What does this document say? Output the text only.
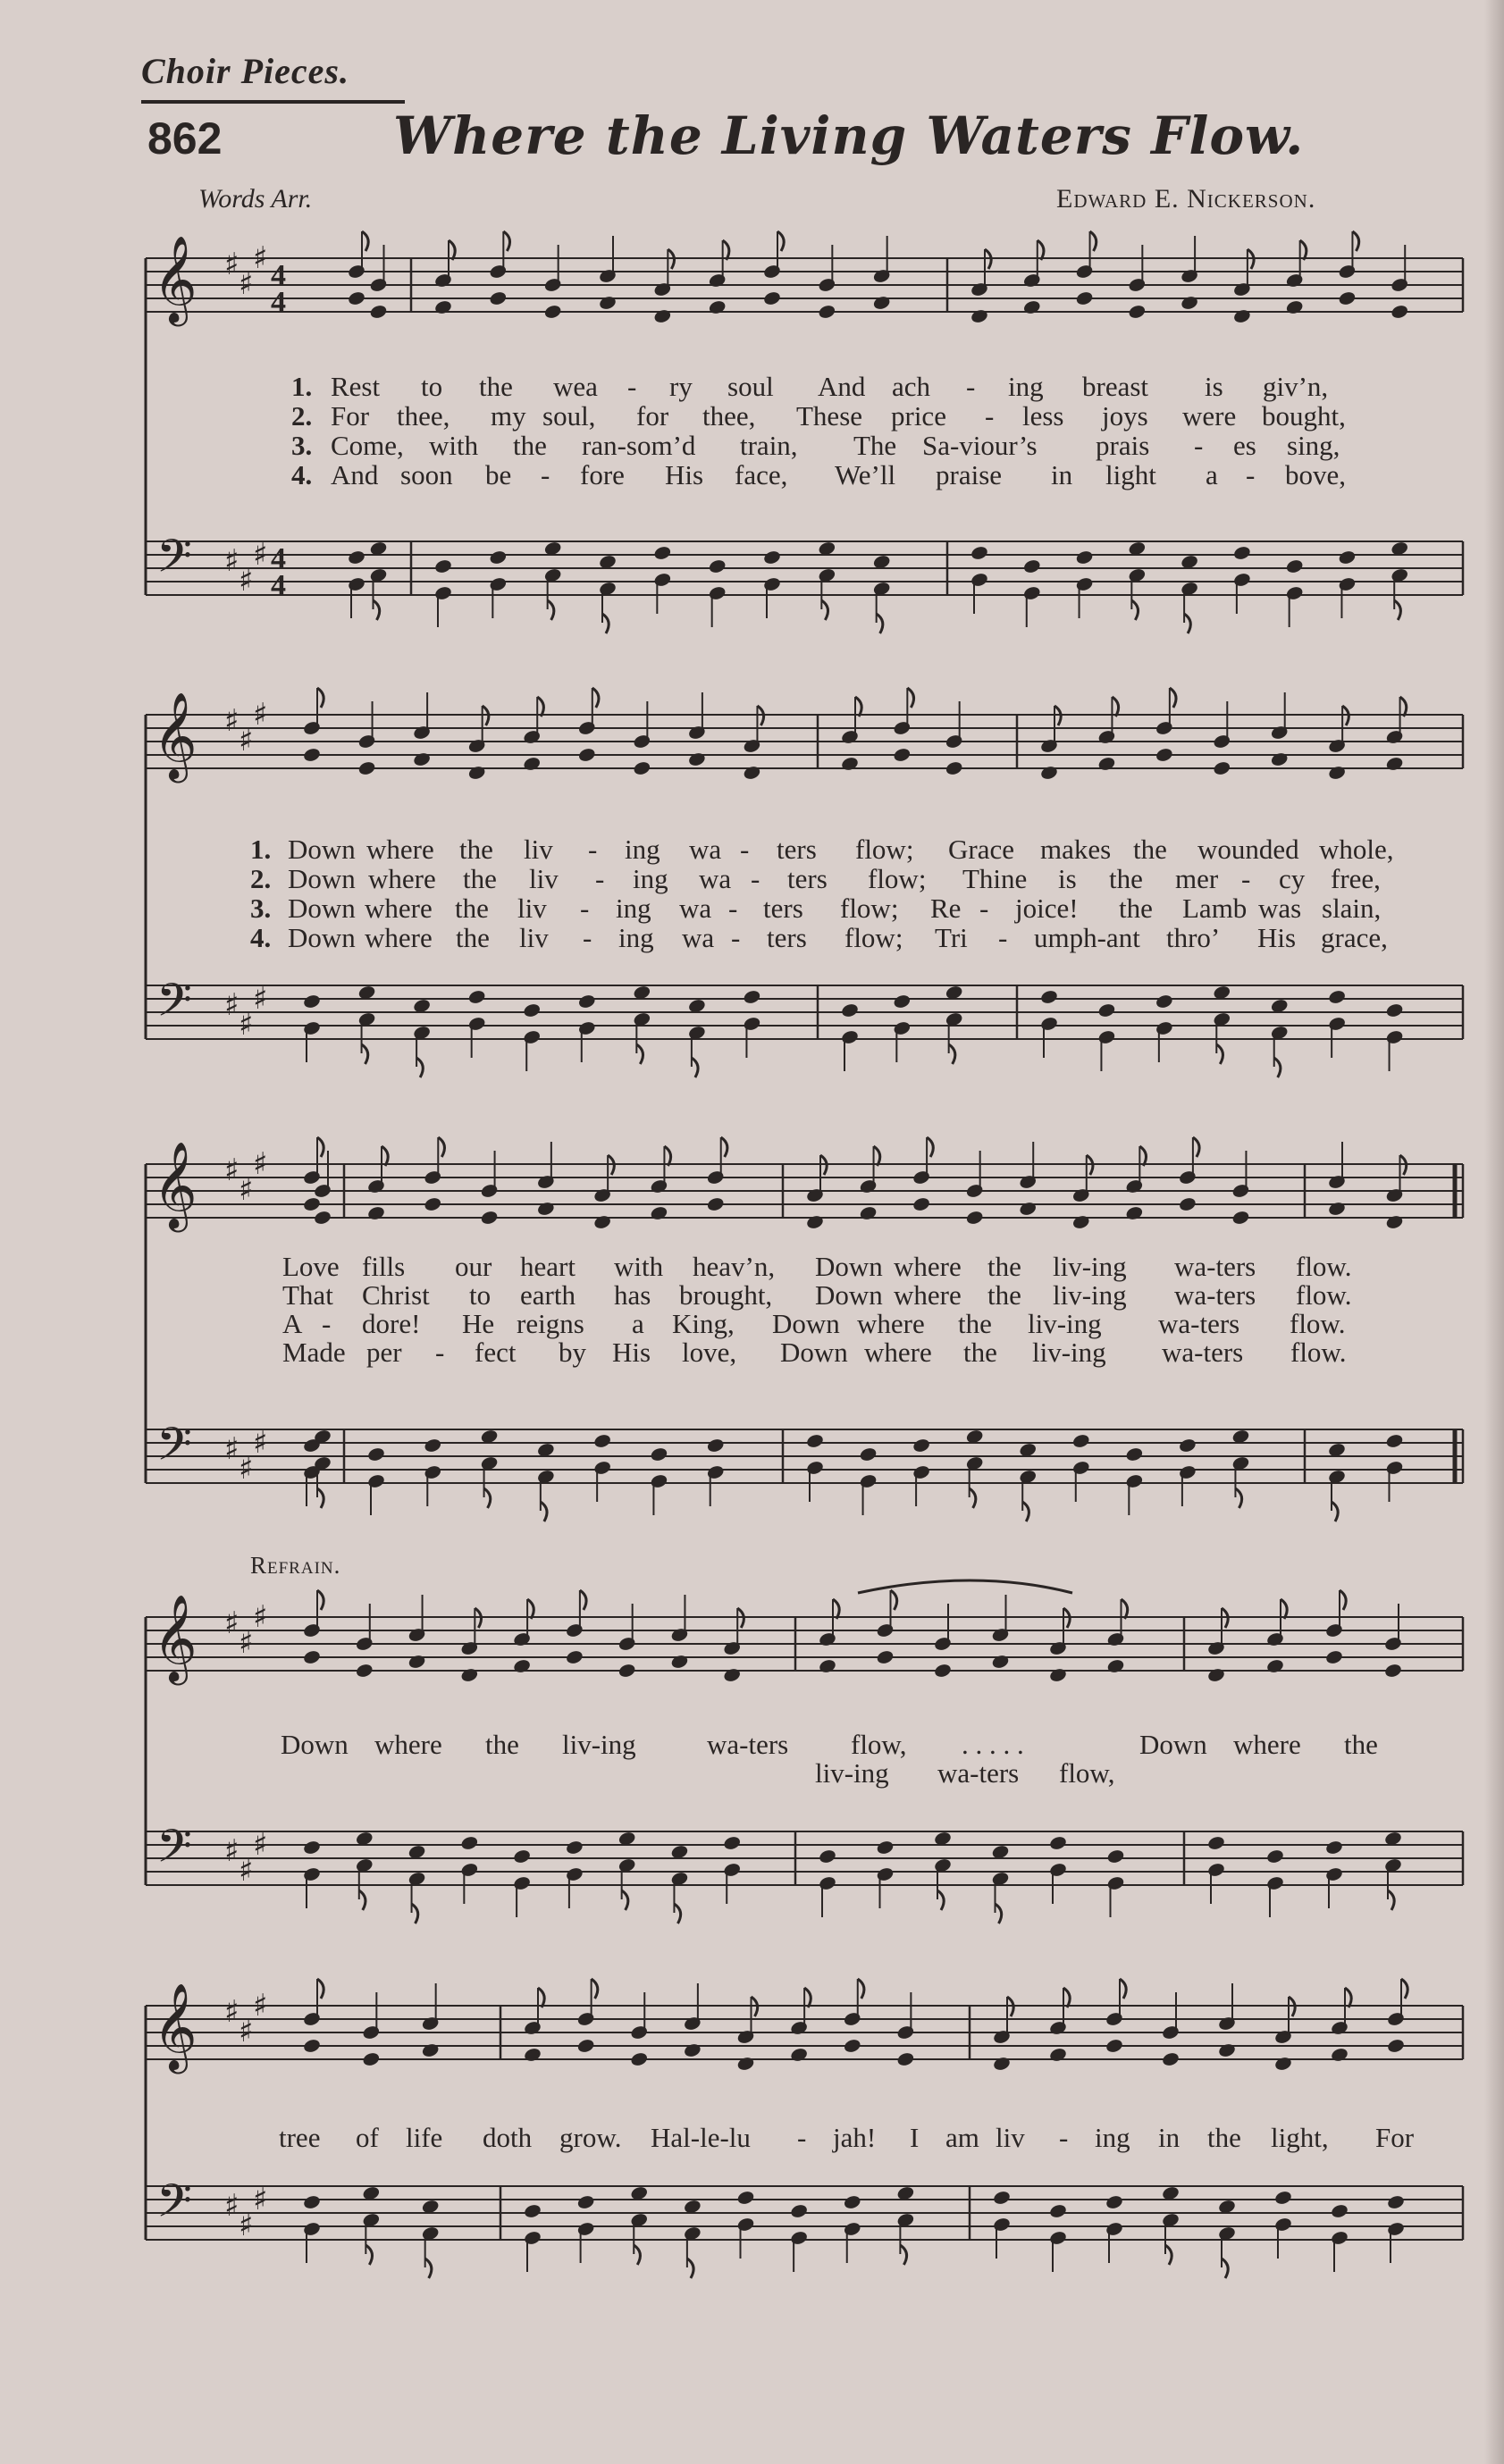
Choir Pieces.
862	Where the Living Waters Flow.
Words Arr.	Edward E. Nickerson.
Refrain.
𝄞
𝄢
♯
♯
♯
♯
♯
♯
4
4
4
4
𝄞
𝄢
♯
♯
♯
♯
♯
♯
𝄞
𝄢
♯
♯
♯
♯
♯
♯
𝄞
𝄢
♯
♯
♯
♯
♯
♯
𝄞
𝄢
♯
♯
♯
♯
♯
♯
1. Rest to the wea - ry soul And ach - ing breast is giv’n,
2. For thee, my soul, for thee, These price - less joys were bought,
3. Come, with the ran-som’d train, The Sa-viour’s prais - es sing,
4. And soon be - fore His face, We’ll praise in light a - bove,
1. Down where the liv - ing wa - ters flow; Grace makes the wounded whole,
2. Down where the liv - ing wa - ters flow; Thine is the mer - cy free,
3. Down where the liv - ing wa - ters flow; Re - joice! the Lamb was slain,
4. Down where the liv - ing wa - ters flow; Tri - umph-ant thro’ His grace,
Love fills our heart with heav’n, Down where the liv-ing wa-ters flow.
That Christ to earth has brought, Down where the liv-ing wa-ters flow.
A - dore! He reigns a King, Down where the liv-ing wa-ters flow.
Made per - fect by His love, Down where the liv-ing wa-ters flow.
Down where the liv-ing	wa-ters flow, . . . . .	Down where the
liv-ing wa-ters flow,
tree of life doth grow. Hal-le-lu - jah! I am liv - ing in the light, For
